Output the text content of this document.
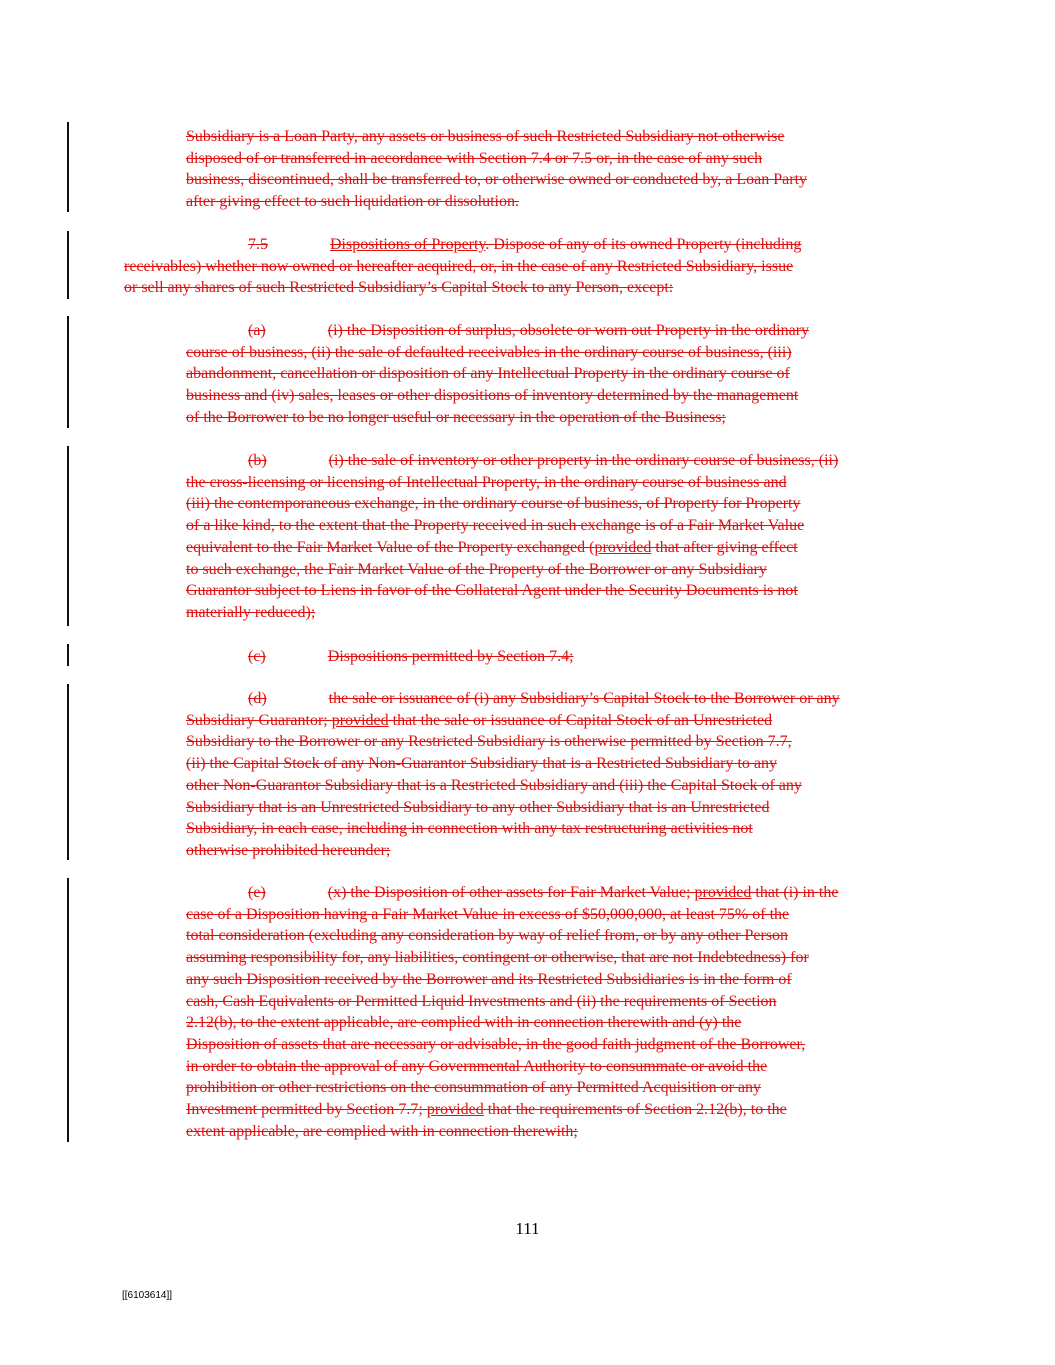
Subsidiary is a Loan Party, any assets or business of such Restricted Subsidiary not otherwise
disposed of or transferred in accordance with Section 7.4 or 7.5 or, in the case of any such
business, discontinued, shall be transferred to, or otherwise owned or conducted by, a Loan Party
after giving effect to such liquidation or dissolution.
7.5	Dispositions of Property. Dispose of any of its owned Property (including
receivables) whether now owned or hereafter acquired, or, in the case of any Restricted Subsidiary, issue
or sell any shares of such Restricted Subsidiary’s Capital Stock to any Person, except:
(a)	(i) the Disposition of surplus, obsolete or worn out Property in the ordinary
course of business, (ii) the sale of defaulted receivables in the ordinary course of business, (iii)
abandonment, cancellation or disposition of any Intellectual Property in the ordinary course of
business and (iv) sales, leases or other dispositions of inventory determined by the management
of the Borrower to be no longer useful or necessary in the operation of the Business;
(b)	(i) the sale of inventory or other property in the ordinary course of business, (ii)
the cross-licensing or licensing of Intellectual Property, in the ordinary course of business and
(iii) the contemporaneous exchange, in the ordinary course of business, of Property for Property
of a like kind, to the extent that the Property received in such exchange is of a Fair Market Value
equivalent to the Fair Market Value of the Property exchanged (provided that after giving effect
to such exchange, the Fair Market Value of the Property of the Borrower or any Subsidiary
Guarantor subject to Liens in favor of the Collateral Agent under the Security Documents is not
materially reduced);
(c)	Dispositions permitted by Section 7.4;
(d)	the sale or issuance of (i) any Subsidiary’s Capital Stock to the Borrower or any
Subsidiary Guarantor; provided that the sale or issuance of Capital Stock of an Unrestricted
Subsidiary to the Borrower or any Restricted Subsidiary is otherwise permitted by Section 7.7,
(ii) the Capital Stock of any Non-Guarantor Subsidiary that is a Restricted Subsidiary to any
other Non-Guarantor Subsidiary that is a Restricted Subsidiary and (iii) the Capital Stock of any
Subsidiary that is an Unrestricted Subsidiary to any other Subsidiary that is an Unrestricted
Subsidiary, in each case, including in connection with any tax restructuring activities not
otherwise prohibited hereunder;
(e)	(x) the Disposition of other assets for Fair Market Value; provided that (i) in the
case of a Disposition having a Fair Market Value in excess of $50,000,000, at least 75% of the
total consideration (excluding any consideration by way of relief from, or by any other Person
assuming responsibility for, any liabilities, contingent or otherwise, that are not Indebtedness) for
any such Disposition received by the Borrower and its Restricted Subsidiaries is in the form of
cash, Cash Equivalents or Permitted Liquid Investments and (ii) the requirements of Section
2.12(b), to the extent applicable, are complied with in connection therewith and (y) the
Disposition of assets that are necessary or advisable, in the good faith judgment of the Borrower,
in order to obtain the approval of any Governmental Authority to consummate or avoid the
prohibition or other restrictions on the consummation of any Permitted Acquisition or any
Investment permitted by Section 7.7; provided that the requirements of Section 2.12(b), to the
extent applicable, are complied with in connection therewith;
111
[[6103614]]
